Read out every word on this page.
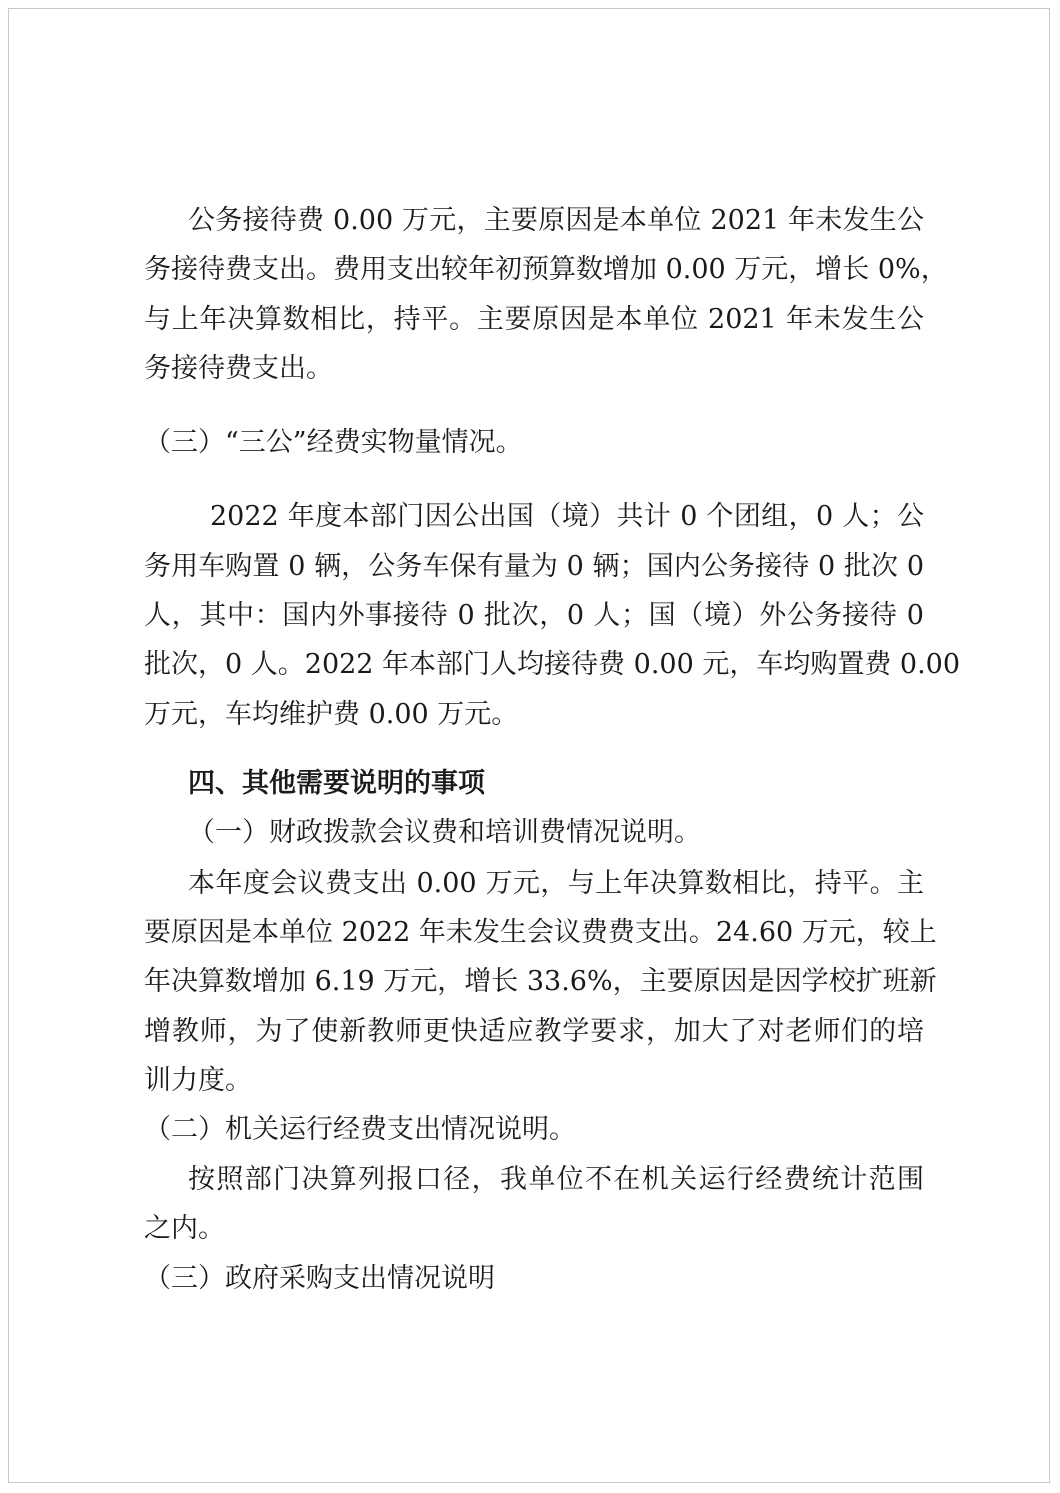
公务接待费 0.00 万元，主要原因是本单位 2021 年未发生公
务接待费支出。费用支出较年初预算数增加 0.00 万元，增长 0%，
与上年决算数相比，持平。主要原因是本单位 2021 年未发生公
务接待费支出。
（三）“三公”经费实物量情况。
2022 年度本部门因公出国（境）共计 0 个团组，0 人；公
务用车购置 0 辆，公务车保有量为 0 辆；国内公务接待 0 批次 0
人，其中：国内外事接待 0 批次，0 人；国（境）外公务接待 0
批次，0 人。2022 年本部门人均接待费 0.00 元，车均购置费 0.00
万元，车均维护费 0.00 万元。
四、其他需要说明的事项
（一）财政拨款会议费和培训费情况说明。
本年度会议费支出 0.00 万元，与上年决算数相比，持平。主
要原因是本单位 2022 年未发生会议费费支出。24.60 万元，较上
年决算数增加 6.19 万元，增长 33.6%，主要原因是因学校扩班新
增教师，为了使新教师更快适应教学要求，加大了对老师们的培
训力度。
（二）机关运行经费支出情况说明。
按照部门决算列报口径，我单位不在机关运行经费统计范围
之内。
（三）政府采购支出情况说明
